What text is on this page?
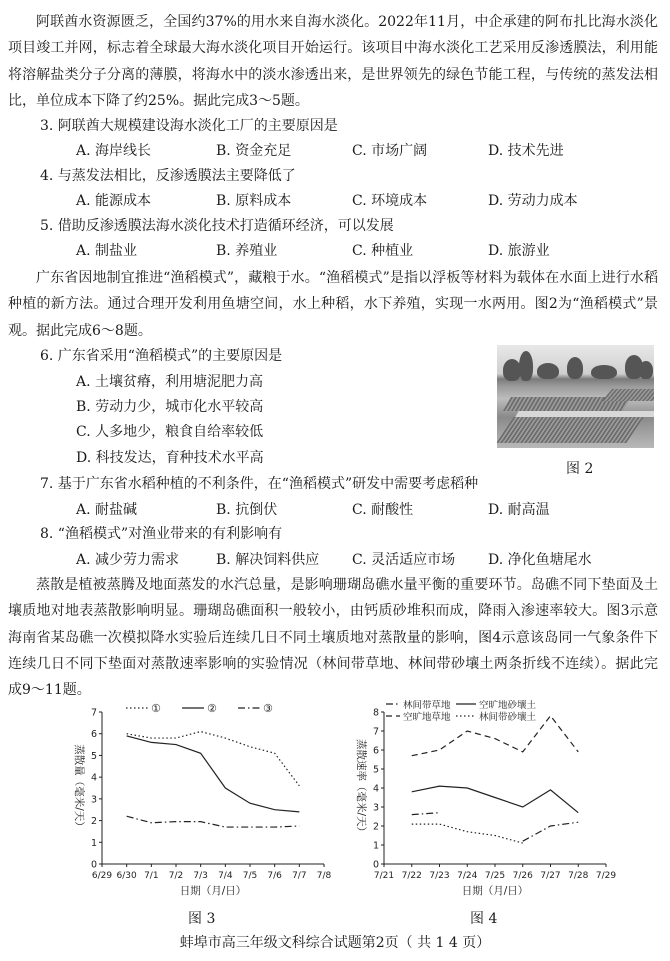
阿联酋水资源匮乏，全国约37%的用水来自海水淡化。2022年11月，中企承建的阿布扎比海水淡化项目竣工并网，标志着全球最大海水淡化项目开始运行。该项目中海水淡化工艺采用反渗透膜法，利用能将溶解盐类分子分离的薄膜，将海水中的淡水渗透出来，是世界领先的绿色节能工程，与传统的蒸发法相比，单位成本下降了约25%。据此完成3～5题。
3. 阿联酋大规模建设海水淡化工厂的主要原因是
A. 海岸线长	B. 资金充足	C. 市场广阔	D. 技术先进
4. 与蒸发法相比，反渗透膜法主要降低了
A. 能源成本	B. 原料成本	C. 环境成本	D. 劳动力成本
5. 借助反渗透膜法海水淡化技术打造循环经济，可以发展
A. 制盐业	B. 养殖业	C. 种植业	D. 旅游业
广东省因地制宜推进“渔稻模式”，藏粮于水。“渔稻模式”是指以浮板等材料为载体在水面上进行水稻种植的新方法。通过合理开发利用鱼塘空间，水上种稻，水下养殖，实现一水两用。图2为“渔稻模式”景观。据此完成6～8题。
6. 广东省采用“渔稻模式”的主要原因是
A. 土壤贫瘠，利用塘泥肥力高
B. 劳动力少，城市化水平较高
C. 人多地少，粮食自给率较低
D. 科技发达，育种技术水平高
图 2
7. 基于广东省水稻种植的不利条件，在“渔稻模式”研发中需要考虑稻种
A. 耐盐碱	B. 抗倒伏	C. 耐酸性	D. 耐高温
8. “渔稻模式”对渔业带来的有利影响有
A. 减少劳力需求	B. 解决饲料供应 C. 灵活适应市场 D. 净化鱼塘尾水
蒸散是植被蒸腾及地面蒸发的水汽总量，是影响珊瑚岛礁水量平衡的重要环节。岛礁不同下垫面及土壤质地对地表蒸散影响明显。珊瑚岛礁面积一般较小，由钙质砂堆积而成，降雨入渗速率较大。图3示意海南省某岛礁一次模拟降水实验后连续几日不同土壤质地对蒸散量的影响，图4示意该岛同一气象条件下连续几日不同下垫面对蒸散速率影响的实验情况（林间带草地、林间带砂壤土两条折线不连续）。据此完成9～11题。
0
1
2
3
4
5
6
7
6/29 6/30 7/1 7/2 7/3 7/4 7/5 7/6 7/7 7/8
日期（月/日）
蒸散量（毫米/天）
①	②	③
图 3
0
1
2
3
4
5
6
7
8
7/21 7/22 7/23 7/24 7/25 7/26 7/27 7/28 7/29
日期（月/日）
蒸散速率（毫米/天）
林间带草地	空旷地砂壤土
空旷地草地	林间带砂壤土
图 4
蚌埠市高三年级文科综合试题第2页（ 共 1 4 页）
